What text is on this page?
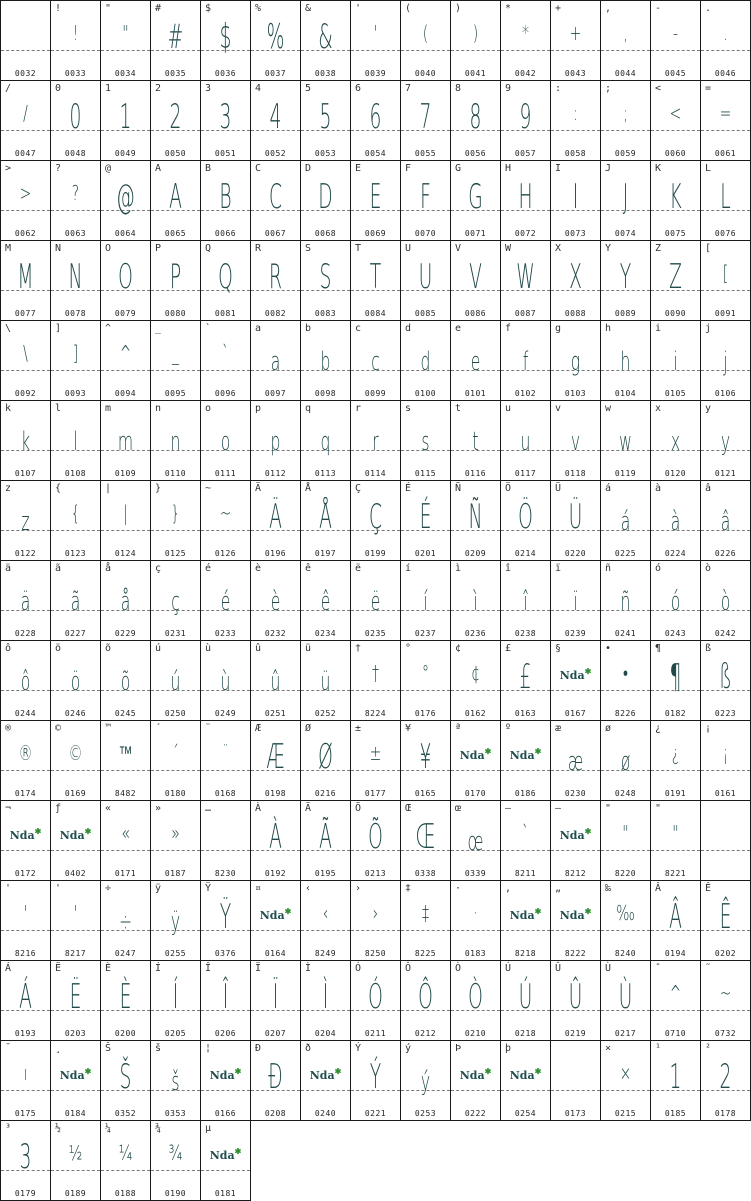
0032
!
!
0033
"
"
0034
#
#
0035
$
$
0036
%
%
0037
&
&
0038
'
'
0039
(
(
0040
)
)
0041
*
*
0042
+
+
0043
,
,
0044
-
-
0045
.
.
0046
/
/
0047
0
0
0048
1
1
0049
2
2
0050
3
3
0051
4
4
0052
5
5
0053
6
6
0054
7
7
0055
8
8
0056
9
9
0057
:
:
0058
;
;
0059
<
<
0060
=
=
0061
>
>
0062
?
?
0063
@
@
0064
A
A
0065
B
B
0066
C
C
0067
D
D
0068
E
E
0069
F
F
0070
G
G
0071
H
H
0072
I
I
0073
J
J
0074
K
K
0075
L
L
0076
M
M
0077
N
N
0078
O
O
0079
P
P
0080
Q
Q
0081
R
R
0082
S
S
0083
T
T
0084
U
U
0085
V
V
0086
W
W
0087
X
X
0088
Y
Y
0089
Z
Z
0090
[
[
0091
\
\
0092
]
]
0093
^
^
0094
_
_
0095
`
`
0096
a
a
0097
b
b
0098
c
c
0099
d
d
0100
e
e
0101
f
f
0102
g
g
0103
h
h
0104
i
i
0105
j
j
0106
k
k
0107
l
l
0108
m
m
0109
n
n
0110
o
o
0111
p
p
0112
q
q
0113
r
r
0114
s
s
0115
t
t
0116
u
u
0117
v
v
0118
w
w
0119
x
x
0120
y
y
0121
z
z
0122
{
{
0123
|
|
0124
}
}
0125
~
~
0126
Ä
Ä
0196
Å
Å
0197
Ç
Ç
0199
É
É
0201
Ñ
Ñ
0209
Ö
Ö
0214
Ü
Ü
0220
á
á
0225
à
à
0224
â
â
0226
ä
ä
0228
ã
ã
0227
å
å
0229
ç
ç
0231
é
é
0233
è
è
0232
ê
ê
0234
ë
ë
0235
í
í
0237
ì
ì
0236
î
î
0238
ï
ï
0239
ñ
ñ
0241
ó
ó
0243
ò
ò
0242
ô
ô
0244
ö
ö
0246
õ
õ
0245
ú
ú
0250
ù
ù
0249
û
û
0251
ü
ü
0252
†
†
8224
°
°
0176
¢
¢
0162
£
£
0163
§
Nda✱
0167
•
•
8226
¶
¶
0182
ß
ß
0223
®
®
0174
©
©
0169
™
™
8482
´
´
0180
¨
¨
0168
Æ
Æ
0198
Ø
Ø
0216
±
±
0177
¥
¥
0165
ª
Nda✱
0170
º
Nda✱
0186
æ
æ
0230
ø
ø
0248
¿
¿
0191
¡
¡
0161
¬
Nda✱
0172
ƒ
Nda✱
0402
«
«
0171
»
»
0187
…
8230
À
À
0192
Ã
Ã
0195
Õ
Õ
0213
Œ
Œ
0338
œ
œ
0339
–
`
8211
—
Nda✱
8212
"
"
8220
"
"
8221
'
'
8216
'
'
8217
÷
÷
0247
ÿ
ÿ
0255
Ÿ
Ÿ
0376
¤
Nda✱
0164
‹
‹
8249
›
›
8250
‡
‡
8225
·
·
0183
‚
Nda✱
8218
„
Nda✱
8222
‰
‰
8240
Â
Â
0194
Ê
Ê
0202
Á
Á
0193
Ë
Ë
0203
È
È
0200
Í
Í
0205
Î
Î
0206
Ï
Ï
0207
Ì
Ì
0204
Ó
Ó
0211
Ô
Ô
0212
Ò
Ò
0210
Ú
Ú
0218
Û
Û
0219
Ù
Ù
0217
ˆ
^
0710
˜
~
0732
¯
ı
0175
¸
Nda✱
0184
Š
Š
0352
š
š
0353
¦
Nda✱
0166
Ð
Ð
0208
ð
Nda✱
0240
Ý
Ý
0221
ý
ý
0253
Þ
Nda✱
0222
þ
Nda✱
0254	0173
×
×
0215
¹
1
0185
²
2
0178
³
3
0179
½
½
0189
¼
¼
0188
¾
¾
0190
µ
Nda✱
0181
